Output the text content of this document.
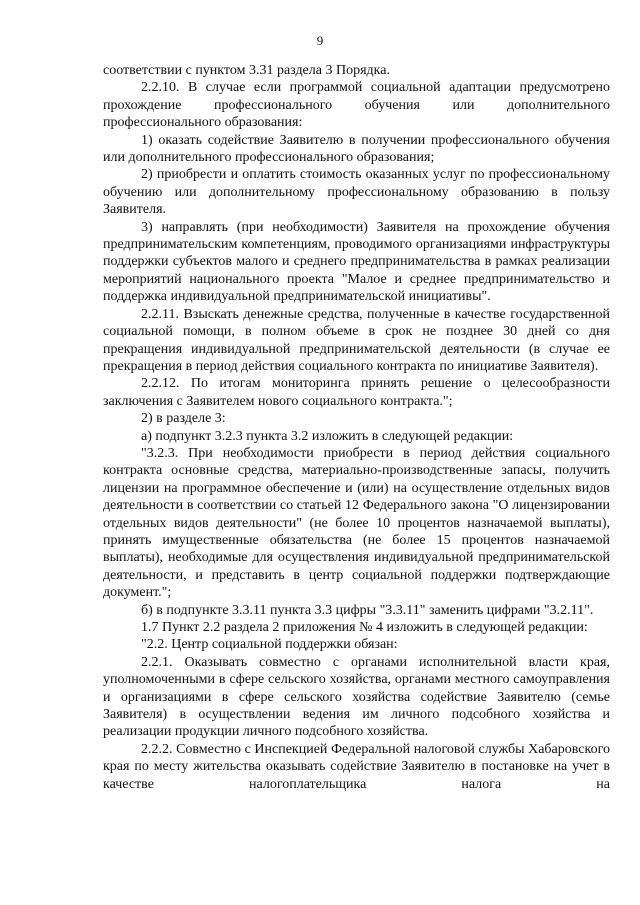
9

соответствии с пунктом 3.31 раздела 3 Порядка.

2.2.10. В случае если программой социальной адаптации предусмотрено прохождение профессионального обучения или дополнительного профессионального образования:

1) оказать содействие Заявителю в получении профессионального обучения или дополнительного профессионального образования;

2) приобрести и оплатить стоимость оказанных услуг по профессиональному обучению или дополнительному профессиональному образованию в пользу Заявителя.

3) направлять (при необходимости) Заявителя на прохождение обучения предпринимательским компетенциям, проводимого организациями инфраструктуры поддержки субъектов малого и среднего предпринимательства в рамках реализации мероприятий национального проекта "Малое и среднее предпринимательство и поддержка индивидуальной предпринимательской инициативы".

2.2.11. Взыскать денежные средства, полученные в качестве государственной социальной помощи, в полном объеме в срок не позднее 30 дней со дня прекращения индивидуальной предпринимательской деятельности (в случае ее прекращения в период действия социального контракта по инициативе Заявителя).

2.2.12. По итогам мониторинга принять решение о целесообразности заключения с Заявителем нового социального контракта.";

2) в разделе 3:

а) подпункт 3.2.3 пункта 3.2 изложить в следующей редакции:

"3.2.3. При необходимости приобрести в период действия социального контракта основные средства, материально-производственные запасы, получить лицензии на программное обеспечение и (или) на осуществление отдельных видов деятельности в соответствии со статьей 12 Федерального закона "О лицензировании отдельных видов деятельности" (не более 10 процентов назначаемой выплаты), принять имущественные обязательства (не более 15 процентов назначаемой выплаты), необходимые для осуществления индивидуальной предпринимательской деятельности, и представить в центр социальной поддержки подтверждающие документ.";

б) в подпункте 3.3.11 пункта 3.3 цифры "3.3.11" заменить цифрами "3.2.11".

1.7 Пункт 2.2 раздела 2 приложения № 4 изложить в следующей редакции:

"2.2. Центр социальной поддержки обязан:

2.2.1. Оказывать совместно с органами исполнительной власти края, уполномоченными в сфере сельского хозяйства, органами местного самоуправления и организациями в сфере сельского хозяйства содействие Заявителю (семье Заявителя) в осуществлении ведения им личного подсобного хозяйства и реализации продукции личного подсобного хозяйства.

2.2.2. Совместно с Инспекцией Федеральной налоговой службы Хабаровского края по месту жительства оказывать содействие Заявителю в постановке на учет в качестве налогоплательщика налога на
